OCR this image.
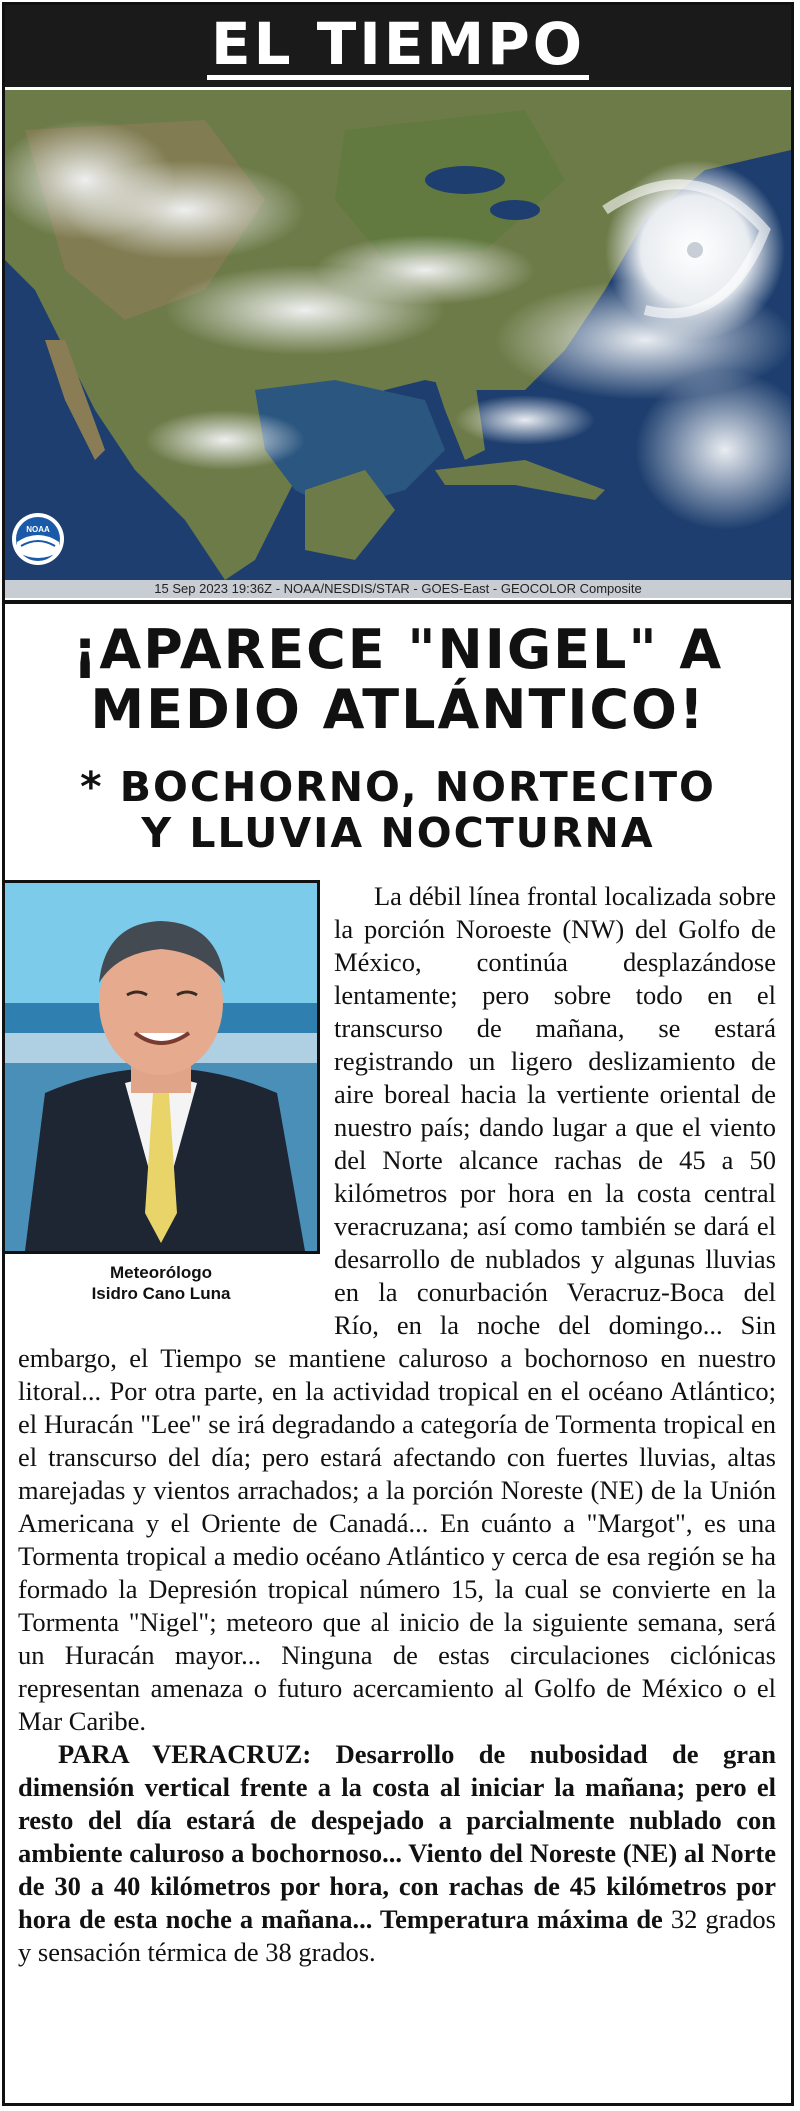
EL TIEMPO
NOAA
15 Sep 2023 19:36Z - NOAA/NESDIS/STAR - GOES-East - GEOCOLOR Composite
¡APARECE "NIGEL" A
MEDIO ATLÁNTICO!
* BOCHORNO, NORTECITO
Y LLUVIA NOCTURNA
Meteorólogo
Isidro Cano Luna

La débil línea frontal localizada sobre la porción Noroeste (NW) del Golfo de México, continúa desplazándose lentamente; pero sobre todo en el transcurso de mañana, se estará registrando un ligero deslizamiento de aire boreal hacia la vertiente oriental de nuestro país; dando lugar a que el viento del Norte alcance rachas de 45 a 50 kilómetros por hora en la costa central veracruzana; así como también se dará el desarrollo de nublados y algunas lluvias en la conurbación Veracruz-Boca del Río, en la noche del domingo... Sin embargo, el Tiempo se mantiene caluroso a bochornoso en nuestro litoral... Por otra parte, en la actividad tropical en el océano Atlántico; el Huracán "Lee" se irá degradando a categoría de Tormenta tropical en el transcurso del día; pero estará afectando con fuertes lluvias, altas marejadas y vientos arrachados; a la porción Noreste (NE) de la Unión Americana y el Oriente de Canadá... En cuánto a "Margot", es una Tormenta tropical a medio océano Atlántico y cerca de esa región se ha formado la Depresión tropical número 15, la cual se convierte en la Tormenta "Nigel"; meteoro que al inicio de la siguiente semana, será un Huracán mayor... Ninguna de estas circulaciones ciclónicas representan amenaza o futuro acercamiento al Golfo de México o el Mar Caribe.

PARA VERACRUZ: Desarrollo de nubosidad de gran dimensión vertical frente a la costa al iniciar la mañana; pero el resto del día estará de despejado a parcialmente nublado con ambiente caluroso a bochornoso... Viento del Noreste (NE) al Norte de 30 a 40 kilómetros por hora, con rachas de 45 kilómetros por hora de esta noche a mañana... Temperatura máxima de 32 grados y sensación térmica de 38 grados.
